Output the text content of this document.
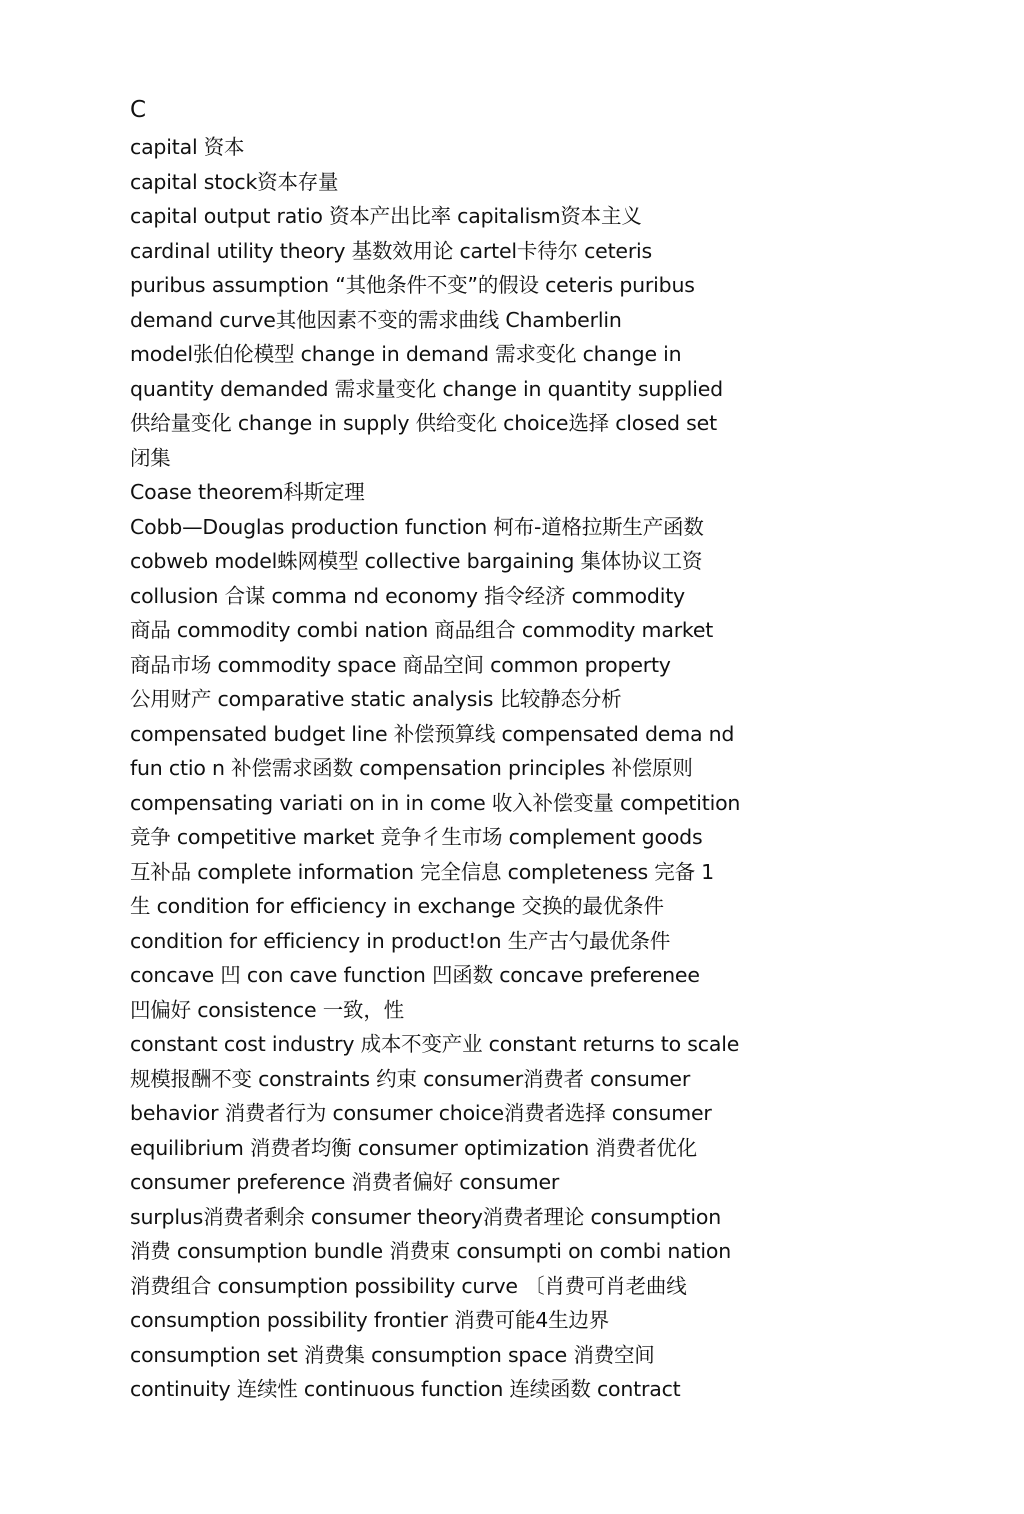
C
capital 资本
capital stock资本存量
capital output ratio 资本产出比率 capitalism资本主义
cardinal utility theory 基数效用论 cartel卡待尔 ceteris
puribus assumption “其他条件不变”的假设 ceteris puribus
demand curve其他因素不变的需求曲线 Chamberlin
model张伯伦模型 change in demand 需求变化 change in
quantity demanded 需求量变化 change in quantity supplied
供给量变化 change in supply 供给变化 choice选择 closed set
闭集
Coase theorem科斯定理
Cobb—Douglas production function 柯布-道格拉斯生产函数
cobweb model蛛网模型 collective bargaining 集体协议工资
collusion 合谋 comma nd economy 指令经济 commodity
商品 commodity combi nation 商品组合 commodity market
商品市场 commodity space 商品空间 common property
公用财产 comparative static analysis 比较静态分析
compensated budget line 补偿预算线 compensated dema nd
fun ctio n 补偿需求函数 compensation principles 补偿原则
compensating variati on in in come 收入补偿变量 competition
竞争 competitive market 竞争彳生市场 complement goods
互补品 complete information 完全信息 completeness 完备 1
生 condition for efficiency in exchange 交换的最优条件
condition for efficiency in product!on 生产古勺最优条件
concave 凹 con cave function 凹函数 concave preferenee
凹偏好 consistence 一致，性
constant cost industry 成本不变产业 constant returns to scale
规模报酬不变 constraints 约束 consumer消费者 consumer
behavior 消费者行为 consumer choice消费者选择 consumer
equilibrium 消费者均衡 consumer optimization 消费者优化
consumer preference 消费者偏好 consumer
surplus消费者剩余 consumer theory消费者理论 consumption
消费 consumption bundle 消费束 consumpti on combi nation
消费组合 consumption possibility curve 〔肖费可肖老曲线
consumption possibility frontier 消费可能4生边界
consumption set 消费集 consumption space 消费空间
continuity 连续性 continuous function 连续函数 contract
